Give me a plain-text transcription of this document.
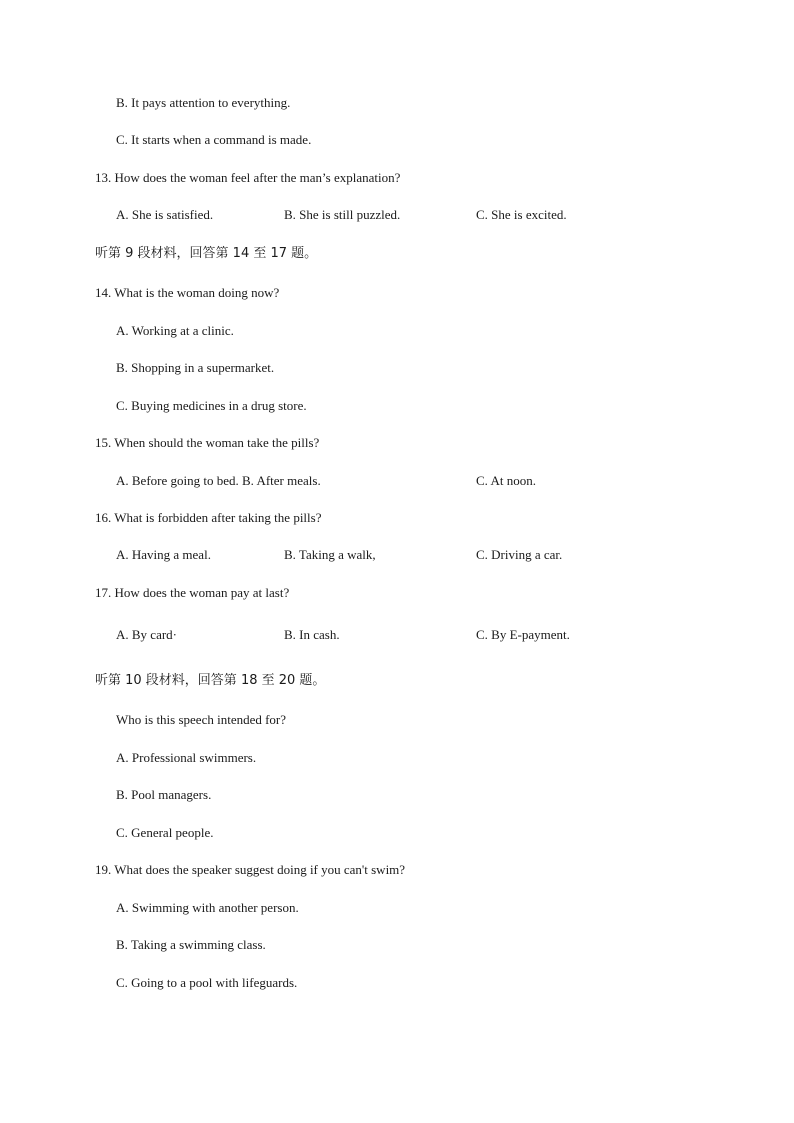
B. It pays attention to everything.
C. It starts when a command is made.
13. How does the woman feel after the man’s explanation?
A. She is satisfied.	B. She is still puzzled.	C. She is excited.
听第 9 段材料，回答第 14 至 17 题。
14. What is the woman doing now?
A. Working at a clinic.
B. Shopping in a supermarket.
C. Buying medicines in a drug store.
15. When should the woman take the pills?
A. Before going to bed. B. After meals.	C. At noon.
16. What is forbidden after taking the pills?
A. Having a meal.	B. Taking a walk,	C. Driving a car.
17. How does the woman pay at last?
A. By card·	B. In cash.	C. By E-payment.
听第 10 段材料，回答第 18 至 20 题。
Who is this speech intended for?
A. Professional swimmers.
B. Pool managers.
C. General people.
19. What does the speaker suggest doing if you can't swim?
A. Swimming with another person.
B. Taking a swimming class.
C. Going to a pool with lifeguards.
